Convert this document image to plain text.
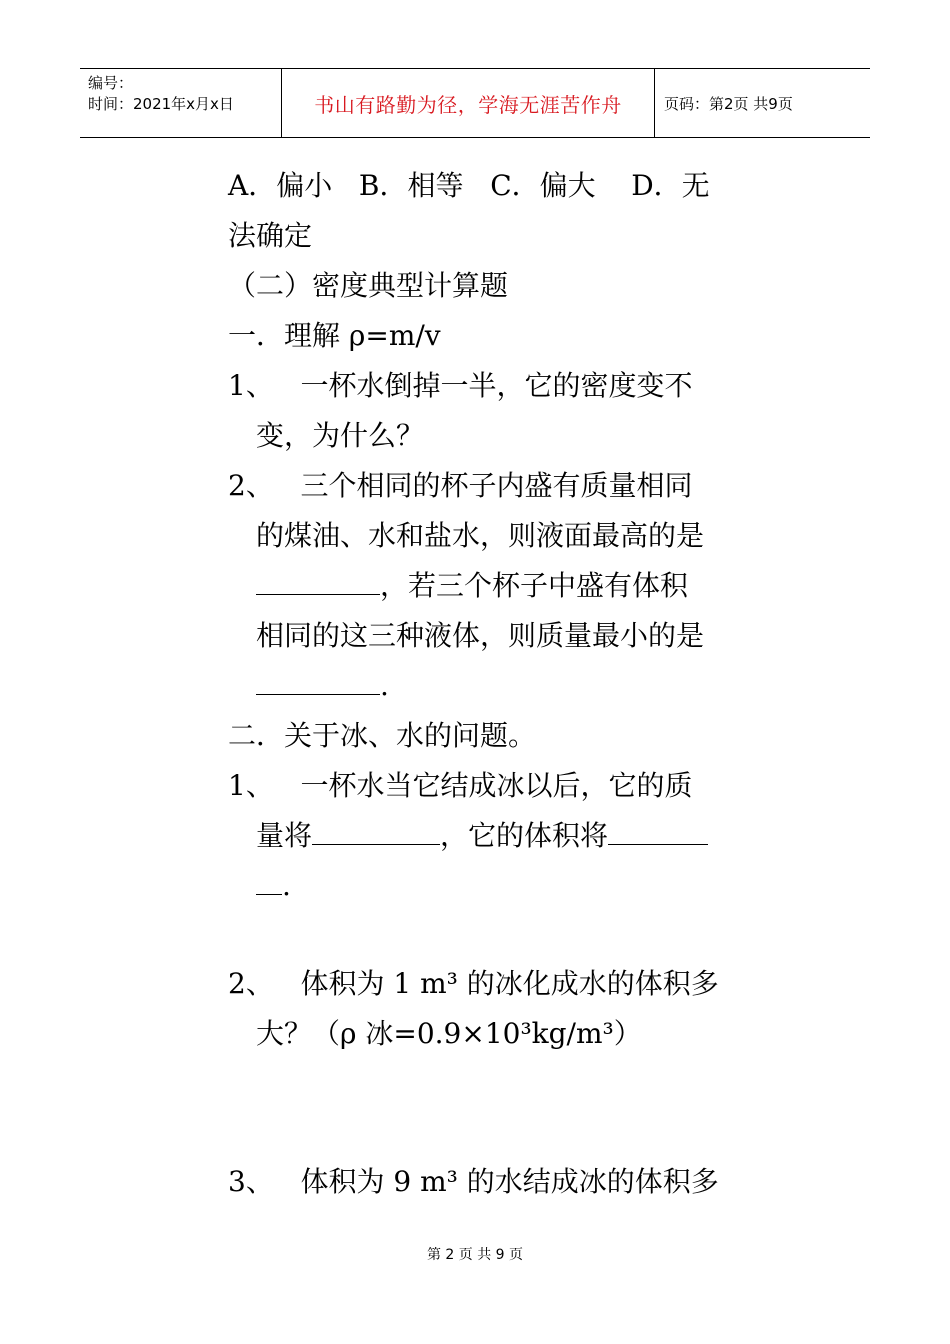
编号：
时间：2021年x月x日	书山有路勤为径，学海无涯苦作舟	页码：第2页 共9页
A．偏小   B．相等   C．偏大    D．无
法确定
（二）密度典型计算题
一．理解 ρ=m/v
1、   一杯水倒掉一半，它的密度变不
变，为什么？
2、   三个相同的杯子内盛有质量相同
的煤油、水和盐水，则液面最高的是
，若三个杯子中盛有体积
相同的这三种液体，则质量最小的是
.
二．关于冰、水的问题。
1、   一杯水当它结成冰以后，它的质
量将	，它的体积将
.
2、   体积为 1 m³ 的冰化成水的体积多
大？（ρ 冰=0.9×10³kg/m³）
3、   体积为 9 m³ 的水结成冰的体积多
第 2 页 共 9 页
